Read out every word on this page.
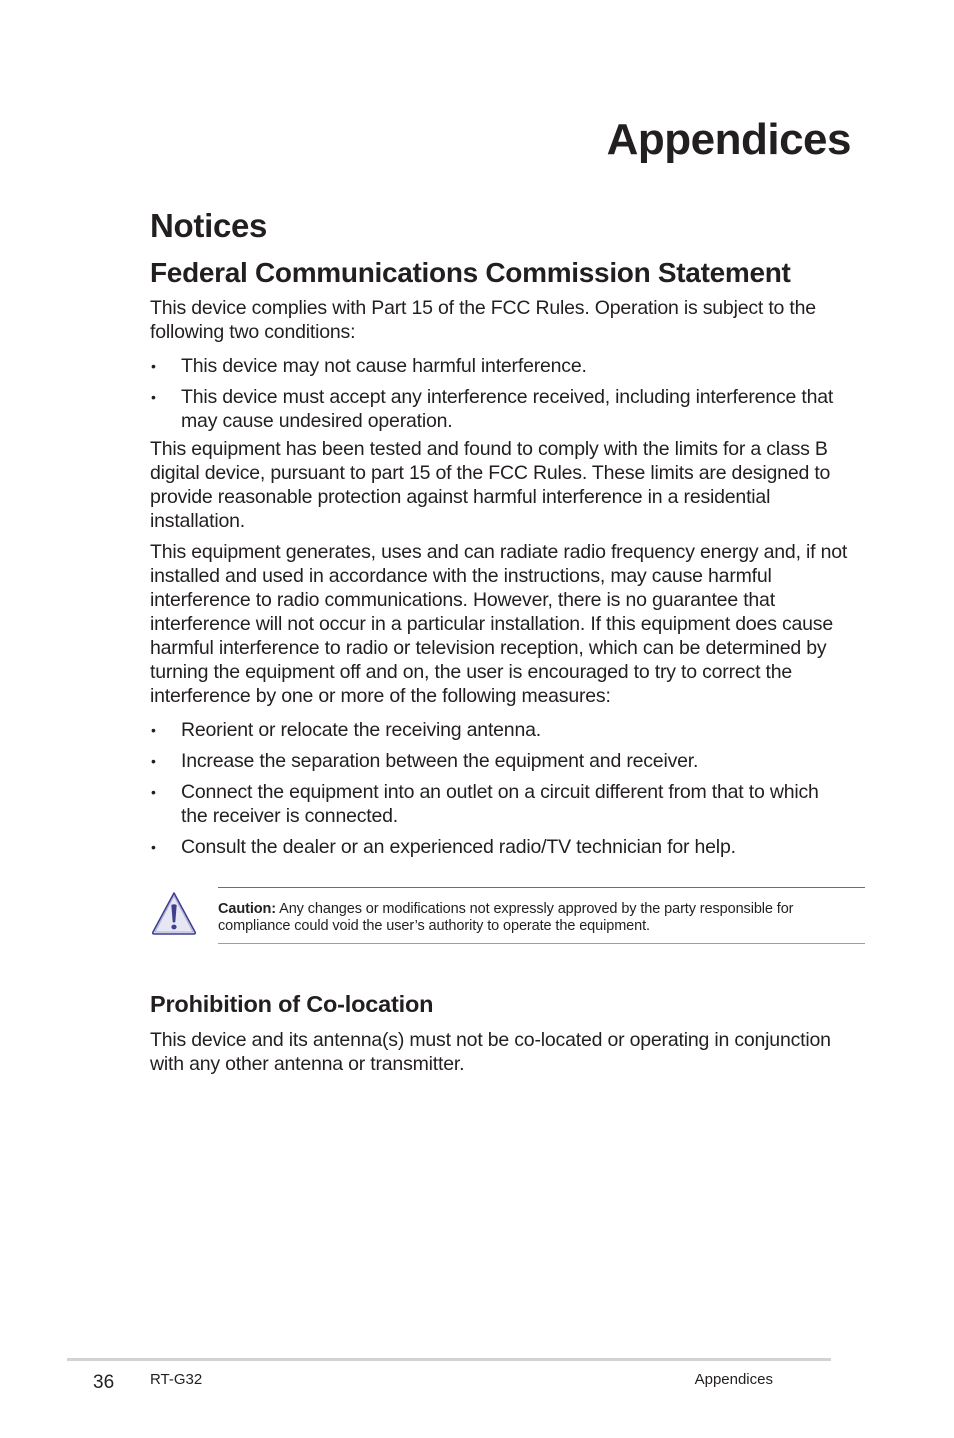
Appendices
Notices
Federal Communications Commission Statement

This device complies with Part 15 of the FCC Rules. Operation is subject to the following two conditions:

• This device may not cause harmful interference.
• This device must accept any interference received, including interference that may cause undesired operation.

This equipment has been tested and found to comply with the limits for a class B digital device, pursuant to part 15 of the FCC Rules. These limits are designed to provide reasonable protection against harmful interference in a residential installation.

This equipment generates, uses and can radiate radio frequency energy and, if not installed and used in accordance with the instructions, may cause harmful interference to radio communications. However, there is no guarantee that interference will not occur in a particular installation. If this equipment does cause harmful interference to radio or television reception, which can be determined by turning the equipment off and on, the user is encouraged to try to correct the interference by one or more of the following measures:

• Reorient or relocate the receiving antenna.
• Increase the separation between the equipment and receiver.
• Connect the equipment into an outlet on a circuit different from that to which the receiver is connected.
• Consult the dealer or an experienced radio/TV technician for help.
Caution: Any changes or modifications not expressly approved by the party responsible for compliance could void the user’s authority to operate the equipment.
Prohibition of Co-location

This device and its antenna(s) must not be co-located or operating in conjunction with any other antenna or transmitter.

36 RT-G32	Appendices
